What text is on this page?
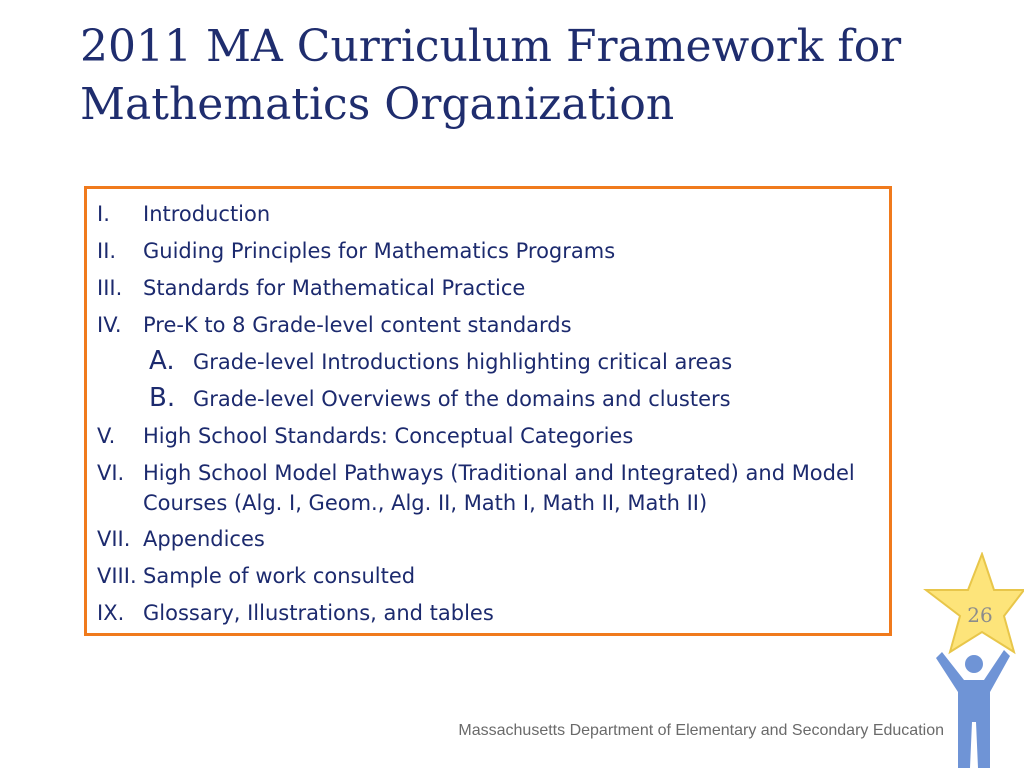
2011 MA Curriculum Framework for Mathematics Organization
I.	Introduction
II.	Guiding Principles for Mathematics Programs
III. Standards for Mathematical Practice
IV.	Pre-K to 8 Grade-level content standards
A. Grade-level Introductions highlighting critical areas
B. Grade-level Overviews of the domains and clusters
V.	High School Standards: Conceptual Categories
VI. High School Model Pathways (Traditional and Integrated) and Model Courses (Alg. I, Geom., Alg. II, Math I, Math II, Math II)
VII. Appendices
VIII. Sample of work consulted
IX. Glossary, Illustrations, and tables	26
Massachusetts Department of Elementary and Secondary Education
